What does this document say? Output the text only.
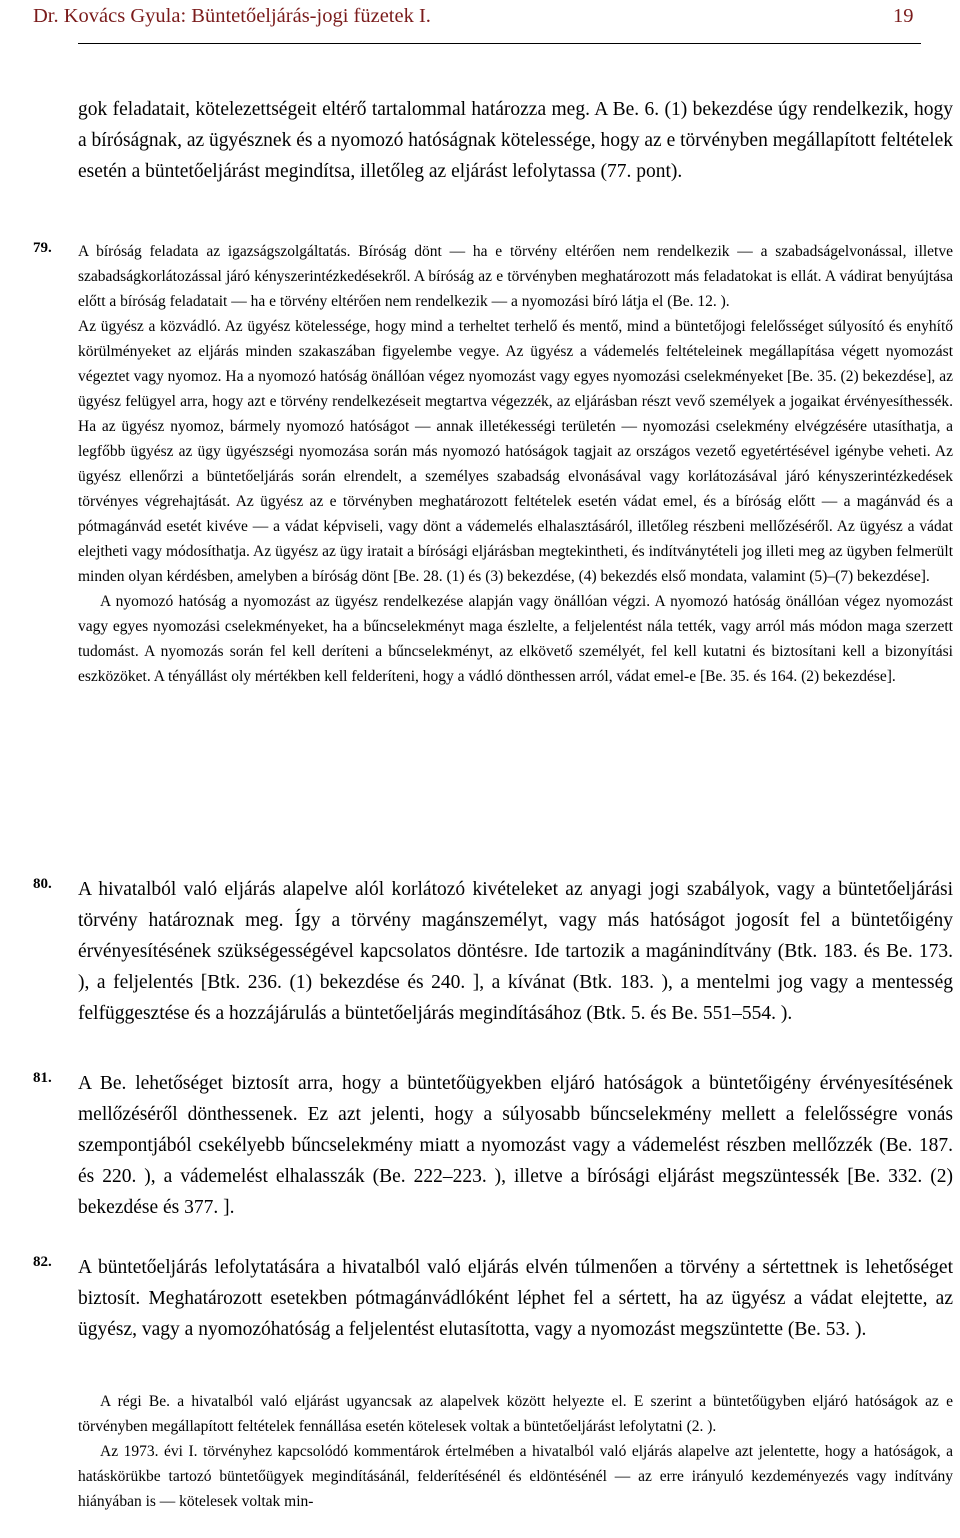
Dr. Kovács Gyula: Büntetőeljárás-jogi füzetek I.	19

gok feladatait, kötelezettségeit eltérő tartalommal határozza meg. A Be. 6. (1) bekezdése úgy rendelkezik, hogy a bíróságnak, az ügyésznek és a nyomozó hatóságnak kötelessége, hogy az e törvényben megállapított feltételek esetén a büntetőeljárást megindítsa, illetőleg az eljárást lefolytassa (77. pont).

79. A bíróság feladata az igazságszolgáltatás. Bíróság dönt — ha e törvény eltérően nem rendelkezik — a szabadságelvonással, illetve szabadságkorlátozással járó kényszerintézkedésekről. A bíróság az e törvényben meghatározott más feladatokat is ellát. A vádirat benyújtása előtt a bíróság feladatait — ha e törvény eltérően nem rendelkezik — a nyomozási bíró látja el (Be. 12. ).

Az ügyész a közvádló. Az ügyész kötelessége, hogy mind a terheltet terhelő és mentő, mind a büntetőjogi felelősséget súlyosító és enyhítő körülményeket az eljárás minden szakaszában figyelembe vegye. Az ügyész a vádemelés feltételeinek megállapítása végett nyomozást végeztet vagy nyomoz. Ha a nyomozó hatóság önállóan végez nyomozást vagy egyes nyomozási cselekményeket [Be. 35. (2) bekezdése], az ügyész felügyel arra, hogy azt e törvény rendelkezéseit megtartva végezzék, az eljárásban részt vevő személyek a jogaikat érvényesíthessék. Ha az ügyész nyomoz, bármely nyomozó hatóságot — annak illetékességi területén — nyomozási cselekmény elvégzésére utasíthatja, a legfőbb ügyész az ügy ügyészségi nyomozása során más nyomozó hatóságok tagjait az országos vezető egyetértésével igénybe veheti. Az ügyész ellenőrzi a büntetőeljárás során elrendelt, a személyes szabadság elvonásával vagy korlátozásával járó kényszerintézkedések törvényes végrehajtását. Az ügyész az e törvényben meghatározott feltételek esetén vádat emel, és a bíróság előtt — a magánvád és a pótmagánvád esetét kivéve — a vádat képviseli, vagy dönt a vádemelés elhalasztásáról, illetőleg részbeni mellőzéséről. Az ügyész a vádat elejtheti vagy módosíthatja. Az ügyész az ügy iratait a bírósági eljárásban megtekintheti, és indítványtételi jog illeti meg az ügyben felmerült minden olyan kérdésben, amelyben a bíróság dönt [Be. 28. (1) és (3) bekezdése, (4) bekezdés első mondata, valamint (5)–(7) bekezdése].

A nyomozó hatóság a nyomozást az ügyész rendelkezése alapján vagy önállóan végzi. A nyomozó hatóság önállóan végez nyomozást vagy egyes nyomozási cselekményeket, ha a bűncselekményt maga észlelte, a feljelentést nála tették, vagy arról más módon maga szerzett tudomást. A nyomozás során fel kell deríteni a bűncselekményt, az elkövető személyét, fel kell kutatni és biztosítani kell a bizonyítási eszközöket. A tényállást oly mértékben kell felderíteni, hogy a vádló dönthessen arról, vádat emel-e [Be. 35. és 164. (2) bekezdése].

80. A hivatalból való eljárás alapelve alól korlátozó kivételeket az anyagi jogi szabályok, vagy a büntetőeljárási törvény határoznak meg. Így a törvény magánszemélyt, vagy más hatóságot jogosít fel a büntetőigény érvényesítésének szükségességével kapcsolatos döntésre. Ide tartozik a magánindítvány (Btk. 183. és Be. 173. ), a feljelentés [Btk. 236. (1) bekezdése és 240. ], a kívánat (Btk. 183. ), a mentelmi jog vagy a mentesség felfüggesztése és a hozzájárulás a büntetőeljárás megindításához (Btk. 5. és Be. 551–554. ).

81. A Be. lehetőséget biztosít arra, hogy a büntetőügyekben eljáró hatóságok a büntetőigény érvényesítésének mellőzéséről dönthessenek. Ez azt jelenti, hogy a súlyosabb bűncselekmény mellett a felelősségre vonás szempontjából csekélyebb bűncselekmény miatt a nyomozást vagy a vádemelést részben mellőzzék (Be. 187. és 220. ), a vádemelést elhalasszák (Be. 222–223. ), illetve a bírósági eljárást megszüntessék [Be. 332. (2) bekezdése és 377. ].

82. A büntetőeljárás lefolytatására a hivatalból való eljárás elvén túlmenően a törvény a sértettnek is lehetőséget biztosít. Meghatározott esetekben pótmagánvádlóként léphet fel a sértett, ha az ügyész a vádat elejtette, az ügyész, vagy a nyomozóhatóság a feljelentést elutasította, vagy a nyomozást megszüntette (Be. 53. ).

A régi Be. a hivatalból való eljárást ugyancsak az alapelvek között helyezte el. E szerint a büntetőügyben eljáró hatóságok az e törvényben megállapított feltételek fennállása esetén kötelesek voltak a büntetőeljárást lefolytatni (2. ).

Az 1973. évi I. törvényhez kapcsolódó kommentárok értelmében a hivatalból való eljárás alapelve azt jelentette, hogy a hatóságok, a hatáskörükbe tartozó büntetőügyek megindításánál, felderítésénél és eldöntésénél — az erre irányuló kezdeményezés vagy indítvány hiányában is — kötelesek voltak min-
